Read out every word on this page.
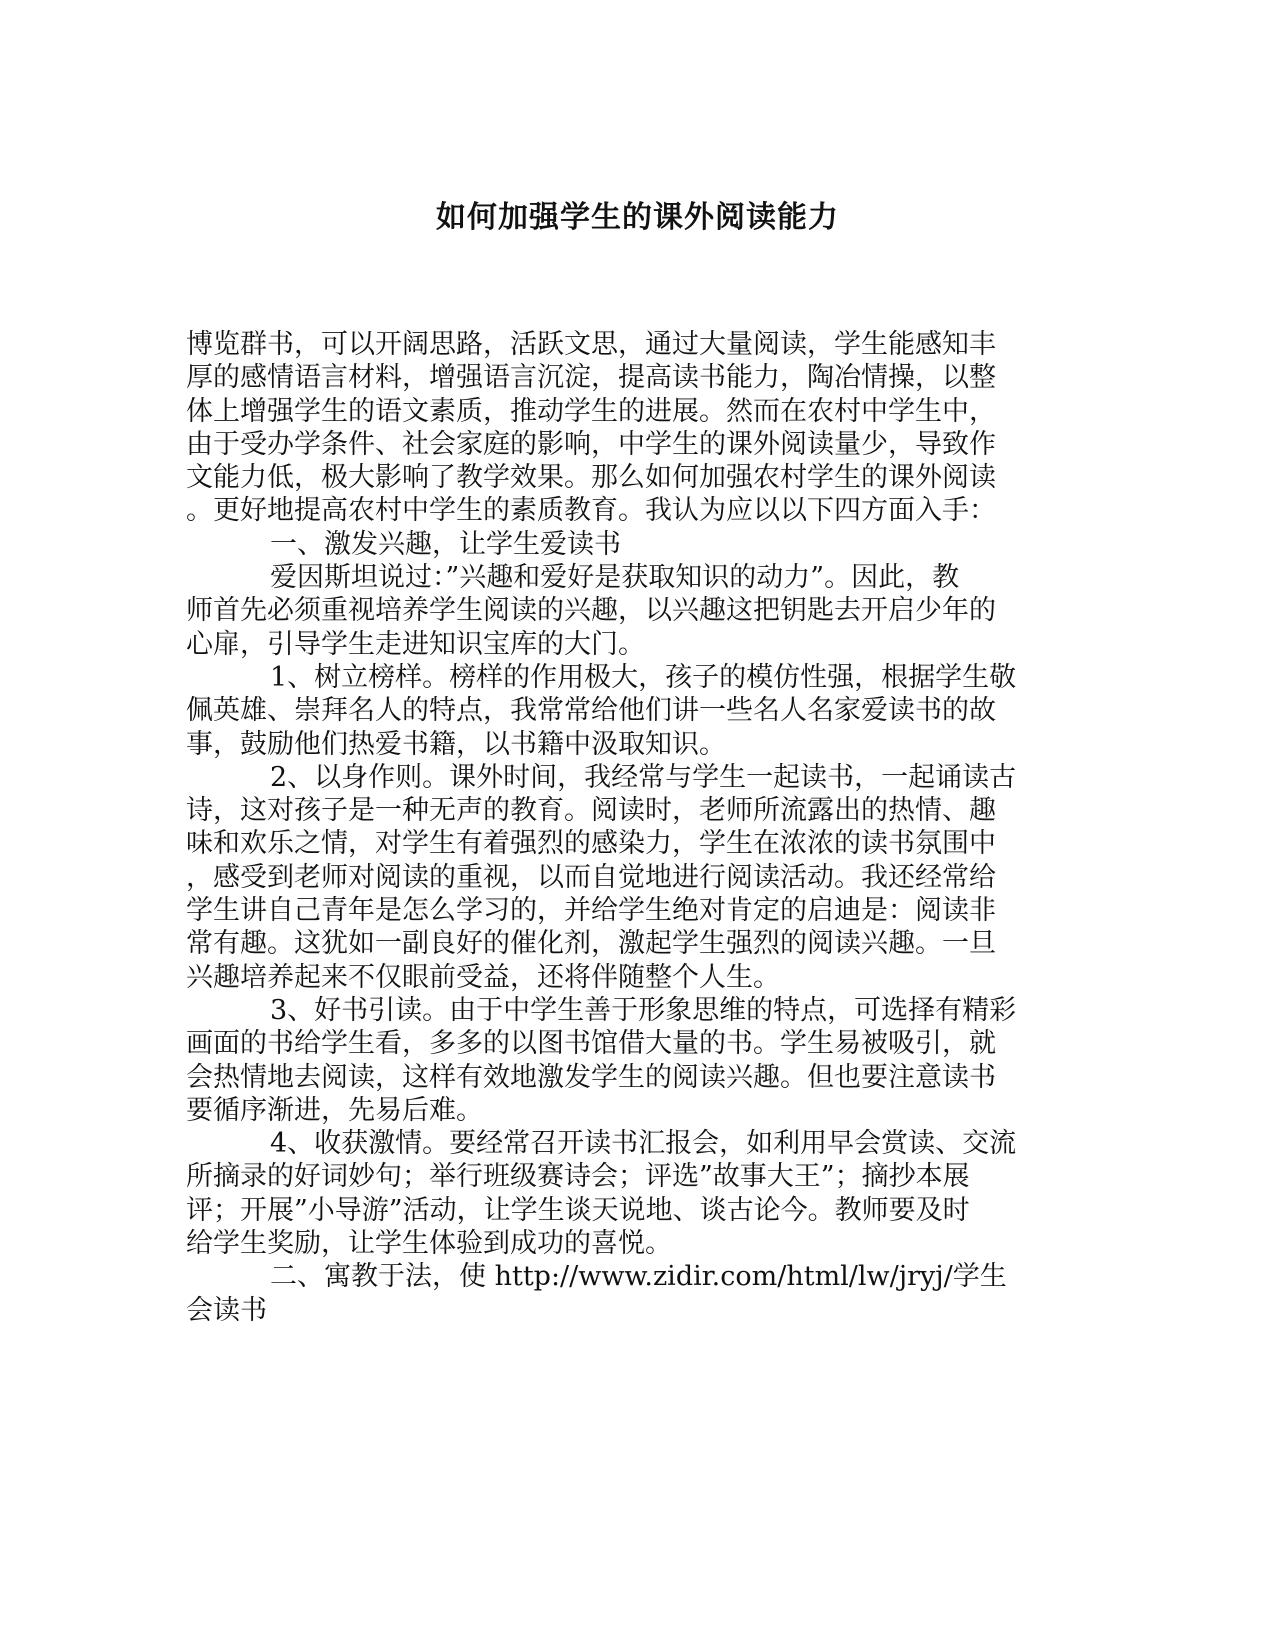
如何加强学生的课外阅读能力
博览群书，可以开阔思路，活跃文思，通过大量阅读，学生能感知丰
厚的感情语言材料，增强语言沉淀，提高读书能力，陶冶情操，以整
体上增强学生的语文素质，推动学生的进展。然而在农村中学生中，
由于受办学条件、社会家庭的影响，中学生的课外阅读量少，导致作
文能力低，极大影响了教学效果。那么如何加强农村学生的课外阅读
。更好地提高农村中学生的素质教育。我认为应以以下四方面入手：
一、激发兴趣，让学生爱读书
爱因斯坦说过：”兴趣和爱好是获取知识的动力”。因此，教
师首先必须重视培养学生阅读的兴趣，以兴趣这把钥匙去开启少年的
心扉，引导学生走进知识宝库的大门。
1、树立榜样。榜样的作用极大，孩子的模仿性强，根据学生敬
佩英雄、崇拜名人的特点，我常常给他们讲一些名人名家爱读书的故
事，鼓励他们热爱书籍，以书籍中汲取知识。
2、以身作则。课外时间，我经常与学生一起读书，一起诵读古
诗，这对孩子是一种无声的教育。阅读时，老师所流露出的热情、趣
味和欢乐之情，对学生有着强烈的感染力，学生在浓浓的读书氛围中
，感受到老师对阅读的重视，以而自觉地进行阅读活动。我还经常给
学生讲自己青年是怎么学习的，并给学生绝对肯定的启迪是：阅读非
常有趣。这犹如一副良好的催化剂，激起学生强烈的阅读兴趣。一旦
兴趣培养起来不仅眼前受益，还将伴随整个人生。
3、好书引读。由于中学生善于形象思维的特点，可选择有精彩
画面的书给学生看，多多的以图书馆借大量的书。学生易被吸引，就
会热情地去阅读，这样有效地激发学生的阅读兴趣。但也要注意读书
要循序渐进，先易后难。
4、收获激情。要经常召开读书汇报会，如利用早会赏读、交流
所摘录的好词妙句；举行班级赛诗会；评选”故事大王”；摘抄本展
评；开展”小导游”活动，让学生谈天说地、谈古论今。教师要及时
给学生奖励，让学生体验到成功的喜悦。
二、寓教于法，使 http://www.zidir.com/html/lw/jryj/学生
会读书
